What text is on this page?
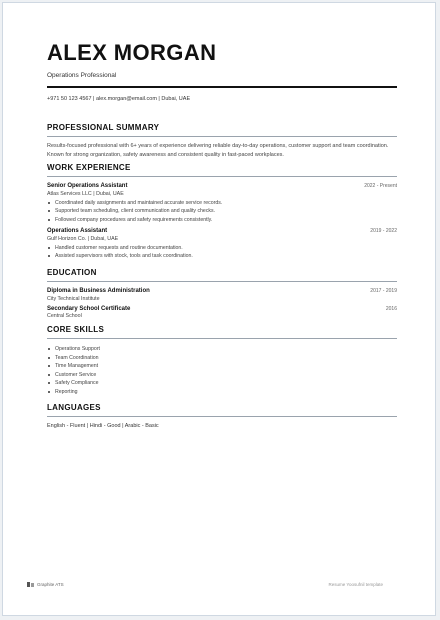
ALEX MORGAN
Operations Professional
+971 50 123 4567 | alex.morgan@email.com | Dubai, UAE
PROFESSIONAL SUMMARY
Results-focused professional with 6+ years of experience delivering reliable day-to-day operations, customer support and team coordination. Known for strong organization, safety awareness and consistent quality in fast-paced workplaces.
WORK EXPERIENCE
Senior Operations Assistant	2022 - Present
Atlas Services LLC | Dubai, UAE
Coordinated daily assignments and maintained accurate service records.
Supported team scheduling, client communication and quality checks.
Followed company procedures and safety requirements consistently.
Operations Assistant	2019 - 2022
Gulf Horizon Co. | Dubai, UAE
Handled customer requests and routine documentation.
Assisted supervisors with stock, tools and task coordination.
EDUCATION
Diploma in Business Administration	2017 - 2019
City Technical Institute
Secondary School Certificate	2016
Central School
CORE SKILLS
Operations Support
Team Coordination
Time Management
Customer Service
Safety Compliance
Reporting
LANGUAGES
English - Fluent | Hindi - Good | Arabic - Basic
Graphite ATS	Resume Yoosufnil template
